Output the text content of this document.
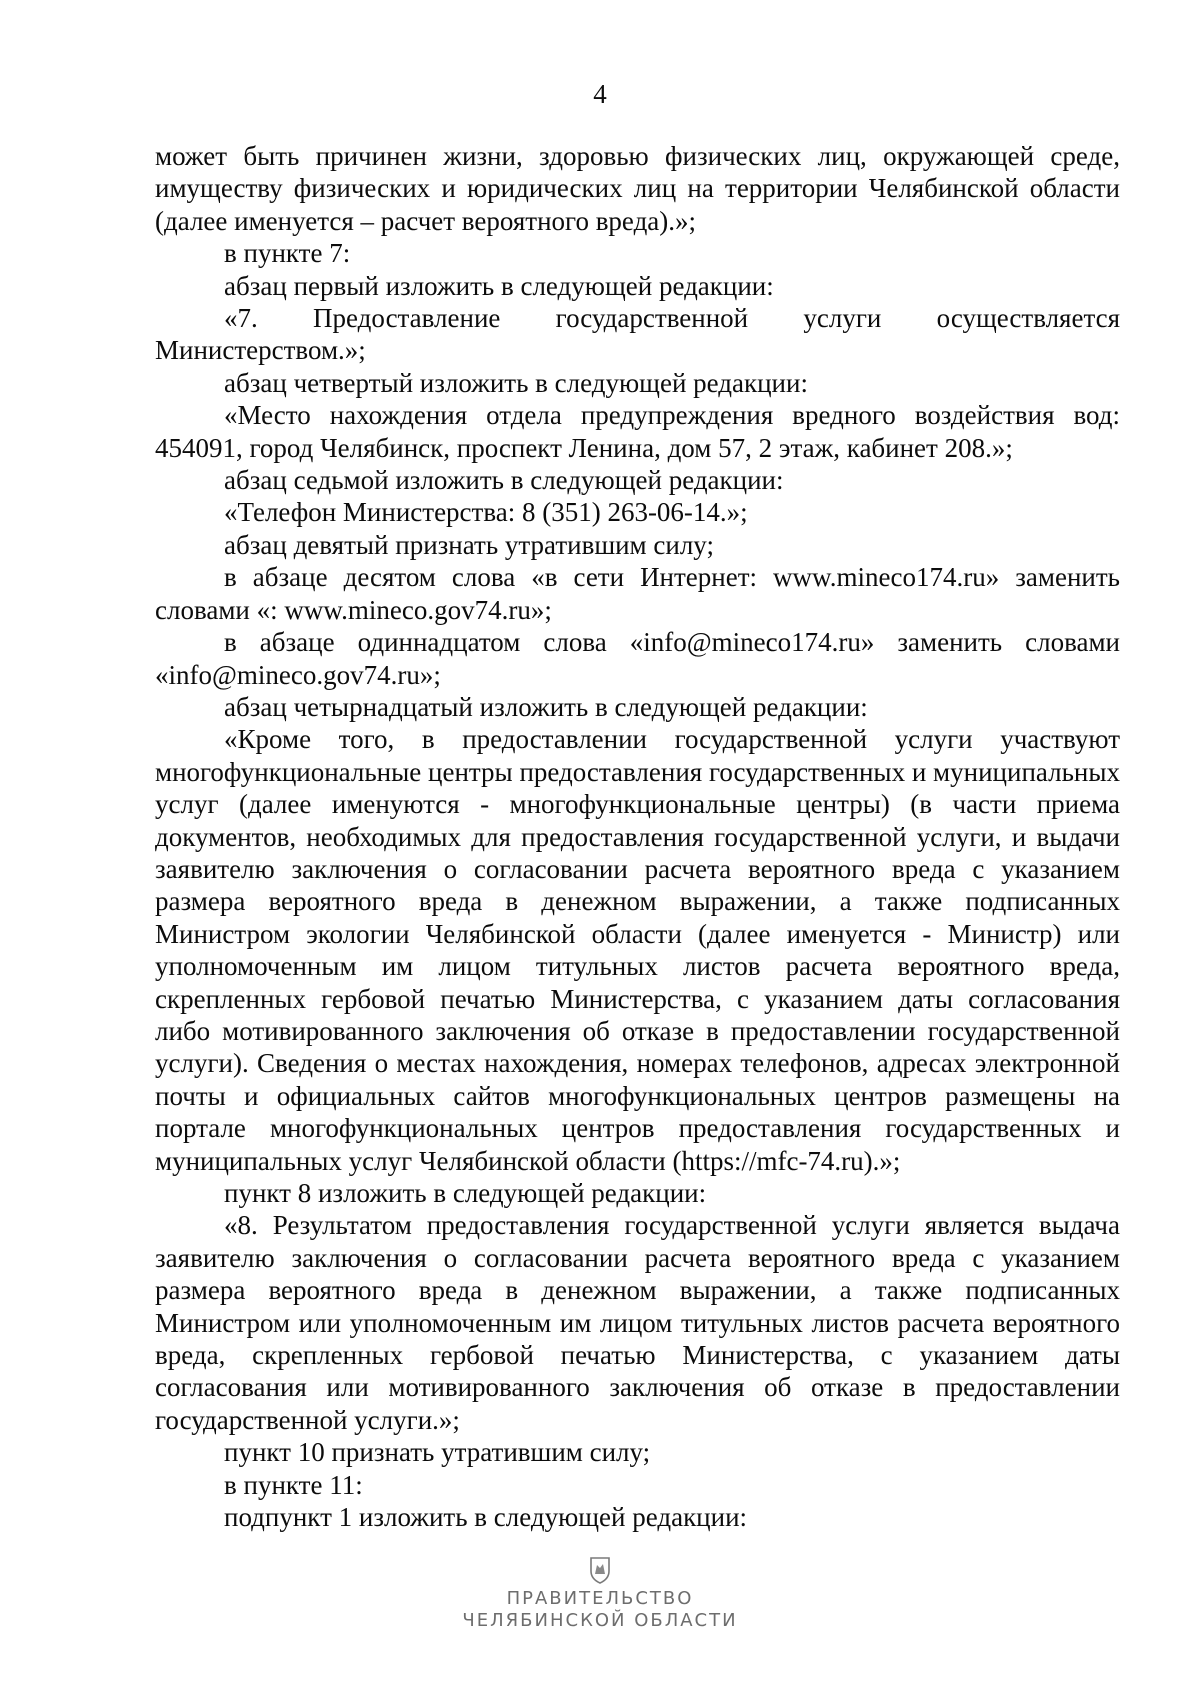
4

может быть причинен жизни, здоровью физических лиц, окружающей среде, имуществу физических и юридических лиц на территории Челябинской области (далее именуется – расчет вероятного вреда).»;

в пункте 7:

абзац первый изложить в следующей редакции:

«7. Предоставление государственной услуги осуществляется Министерством.»;

абзац четвертый изложить в следующей редакции:

«Место нахождения отдела предупреждения вредного воздействия вод: 454091, город Челябинск, проспект Ленина, дом 57, 2 этаж, кабинет 208.»;

абзац седьмой изложить в следующей редакции:

«Телефон Министерства: 8 (351) 263-06-14.»;

абзац девятый признать утратившим силу;

в абзаце десятом слова «в сети Интернет: www.mineco174.ru» заменить словами «: www.mineco.gov74.ru»;

в абзаце одиннадцатом слова «info@mineco174.ru» заменить словами «info@mineco.gov74.ru»;

абзац четырнадцатый изложить в следующей редакции:

«Кроме того, в предоставлении государственной услуги участвуют многофункциональные центры предоставления государственных и муниципальных услуг (далее именуются - многофункциональные центры) (в части приема документов, необходимых для предоставления государственной услуги, и выдачи заявителю заключения о согласовании расчета вероятного вреда с указанием размера вероятного вреда в денежном выражении, а также подписанных Министром экологии Челябинской области (далее именуется - Министр) или уполномоченным им лицом титульных листов расчета вероятного вреда, скрепленных гербовой печатью Министерства, с указанием даты согласования либо мотивированного заключения об отказе в предоставлении государственной услуги). Сведения о местах нахождения, номерах телефонов, адресах электронной почты и официальных сайтов многофункциональных центров размещены на портале многофункциональных центров предоставления государственных и муниципальных услуг Челябинской области (https://mfc-74.ru).»;

пункт 8 изложить в следующей редакции:

«8. Результатом предоставления государственной услуги является выдача заявителю заключения о согласовании расчета вероятного вреда с указанием размера вероятного вреда в денежном выражении, а также подписанных Министром или уполномоченным им лицом титульных листов расчета вероятного вреда, скрепленных гербовой печатью Министерства, с указанием даты согласования или мотивированного заключения об отказе в предоставлении государственной услуги.»;

пункт 10 признать утратившим силу;

в пункте 11:

подпункт 1 изложить в следующей редакции:

ПРАВИТЕЛЬСТВО
ЧЕЛЯБИНСКОЙ ОБЛАСТИ
